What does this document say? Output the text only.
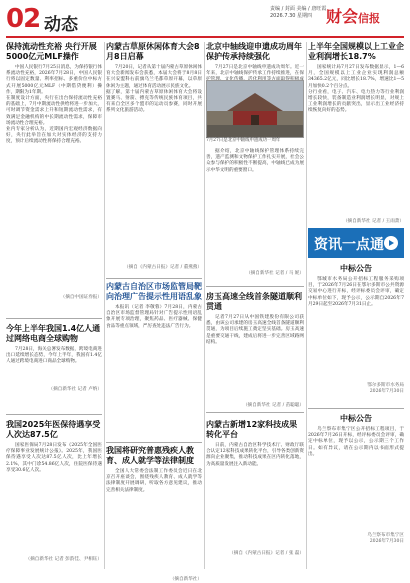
02 动态
责编 / 封面 美编 / 唐旺霞
2026.7.30 星期四 财会信报
保持流动性充裕 央行开展5000亿元MLF操作

中国人民银行7月25日消息，为保持银行体系流动性充裕，2026年7月28日，中国人民银行将以固定数量、利率招标、多重价位中标方式开展5000亿元MLF（中期借贷便利）操作，期限为1年期。
在制度设计方面，央行在出台保持流动性充裕的基础上，7月中期流动性供给将进一步加大，可时调节资金需求上升和短期流动性需求，有效满足金融机构的中长期流动性需求，保障市场流动性合理充裕。
业内专家分析认为，近期国内宏观经济数据向好，央行此举旨在加大对实体经济的支持力度，预计后续流动性将保持合理充裕。

（摘自中国证券报）

今年上半年我国1.4亿人通过网络电商全球购物

7月28日，海关总署发布数据，跨境电商进出口延续增长态势，今年上半年，我国有1.4亿人通过跨境电商进口商品全球购物。

（摘自新华社 记者 卢纳）

我国2025年医保待遇享受人次达87.5亿

国家医保局7月28日发布《2025年全国医疗保障事业发展统计公报》。2025年，我国医保待遇享受人次达87.5亿人次，比上年增长2.1%，其中门诊54.86亿人次，住院医保待遇享受30.6亿人次。

（摘自新华社 记者 彭韵佳、尹相钰）

内蒙古草原休闲体育大会8月8日启幕

7月20日，记者从第十届内蒙古草原休闲体育大会新闻发布会获悉，本届大会将于8月8日在兴安盟科右前旗乌兰毛都草原开幕，以草原休闲为主题，通过体育活动展示民族文化。
据了解，第十届内蒙古草原休闲体育大会将设置赛马、射箭、搏克等传统民族体育项目，共有来自全区多个盟市的运动员参赛，同时开展系列文化旅游活动。

（摘自《内蒙古日报》记者 / 董燕燕）

内蒙古自治区市场监管局靶向治理广告提示性用语乱象

本报讯（记者 李敬蓉）7月28日，内蒙古自治区市场监督管理局针对广告提示性用语乱象开展专项治理，聚焦药品、医疗器械、保健食品等重点领域，严厉查处违法广告行为。

我国将研究普惠残疾人教育、成人就学等法律制度

全国人大常委会法制工作委员会近日在北京召开座谈会，围绕残疾人教育、成人就学等法律制度开展调研，听取各方意见建议，推动完善相关法律制度。

（摘自新华社）

北京中轴线迎申遗成功周年保护传承持续强化

7月27日是北京中轴线申遗成功周年。近一年来，北京中轴线保护传承工作持续推进，在保

7月27日是北京中轴线申遗成功一周年

据介绍，北京中轴线保护管理体系持续完善，遗产监测和文物保护工作扎实开展，社会公众参与保护的积极性不断提高，中轴线已成为展示中华文明的重要窗口。

（摘自新华社 记者 / 马 妮）

房玉高速全线首条隧道顺利贯通

记者7月27日从中国铁建股份有限公司获悉，由该公司承建的房玉高速全线首条隧道顺利贯通，为项目后续施工奠定坚实基础。房玉高速是重要交通干线，建成后将进一步完善区域路网结构。

（摘自新华社 记者 / 苗聪聪）

内蒙古新增12家科技成果转化平台

日前，内蒙古自治区科学技术厅、财政厅联合认定12家科技成果转化平台，引导各类创新资源向企业聚集，推动科技成果在区内转化落地，为高质量发展注入新动能。

（摘自《内蒙古日报》记者 / 张 磊）

上半年全国规模以上工业企业利润增长18.7%

国家统计局7月27日发布数据显示，1—6月，全国规模以上工业企业实现利润总额34365.2亿元，同比增长18.7%，增速比1—5月加快0.2个百分点。
分行业看，电子、汽车、电力热力等行业利润增长较快，装备制造业利润增长明显，对规上工业利润增长的贡献突出，显示出工业经济持续恢复向好的态势。

（摘自新华社 记者 / 王雨萧）

资讯一点通
中标公告

鄂城市水务局公开招标工程服务采购项目，于2026年7月26日在鄂尔多斯市公共资源交易中心进行开标，经评标委员会评审，确定中标单位如下，现予公示，公示期自2026年7月29日起至2026年7月31日止。

鄂尔多斯市水务局
2026年7月30日

中标公告

乌兰察布市集宁区公开招标工程项目，于2026年7月26日开标，经评标委员会评审，确定中标单位，现予以公示，公示期三个工作日。如有异议，请在公示期内以书面形式提出。

乌兰察布市集宁区
2026年7月30日
